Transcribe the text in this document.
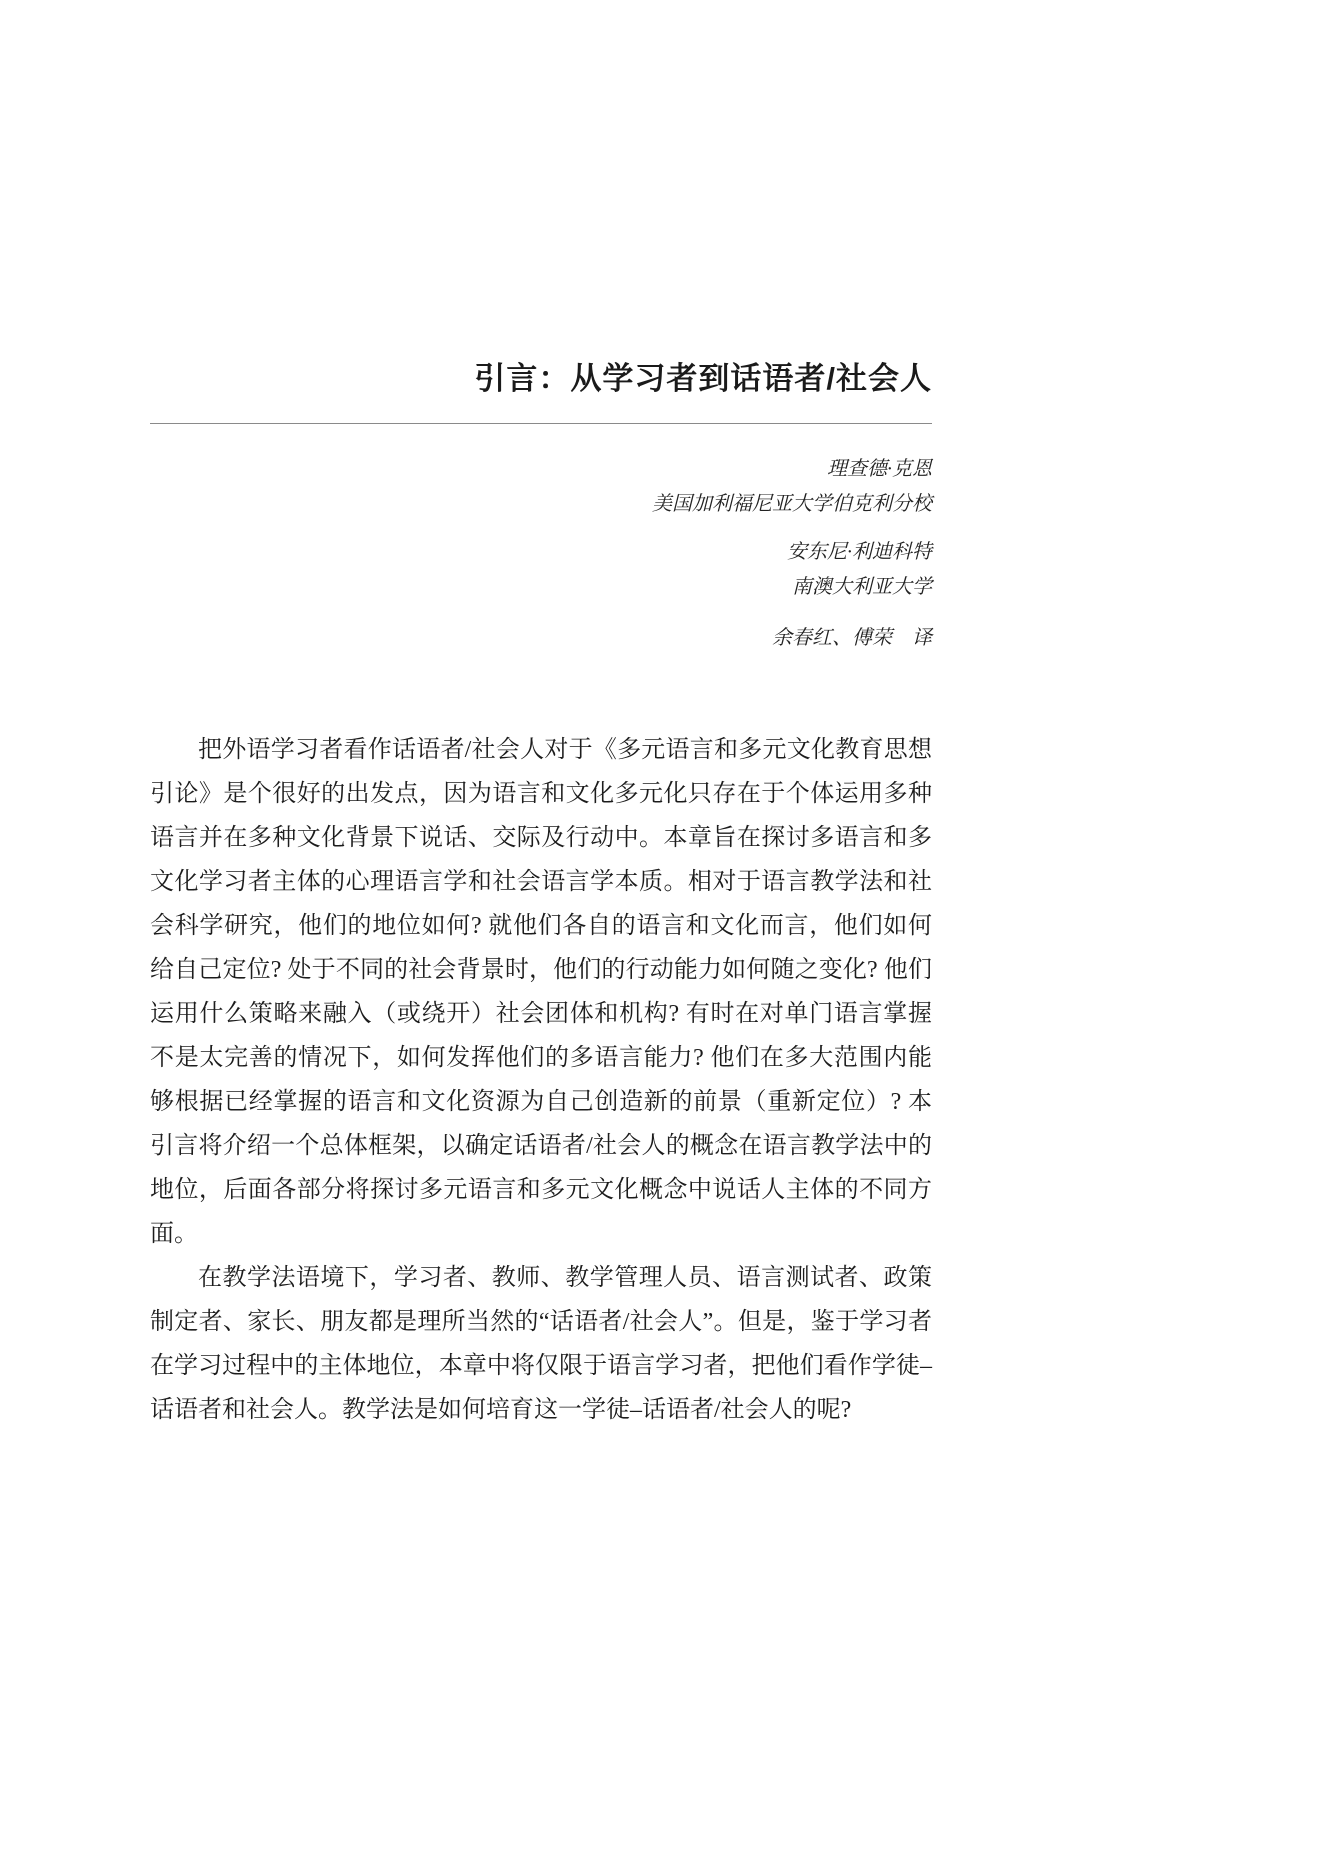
引言：从学习者到话语者/社会人
理查德·克恩
美国加利福尼亚大学伯克利分校
安东尼·利迪科特
南澳大利亚大学
余春红、傅荣　译

把外语学习者看作话语者/社会人对于《多元语言和多元文化教育思想引论》是个很好的出发点，因为语言和文化多元化只存在于个体运用多种语言并在多种文化背景下说话、交际及行动中。本章旨在探讨多语言和多文化学习者主体的心理语言学和社会语言学本质。相对于语言教学法和社会科学研究，他们的地位如何? 就他们各自的语言和文化而言，他们如何给自己定位? 处于不同的社会背景时，他们的行动能力如何随之变化? 他们运用什么策略来融入（或绕开）社会团体和机构? 有时在对单门语言掌握不是太完善的情况下，如何发挥他们的多语言能力? 他们在多大范围内能够根据已经掌握的语言和文化资源为自己创造新的前景（重新定位）? 本引言将介绍一个总体框架，以确定话语者/社会人的概念在语言教学法中的地位，后面各部分将探讨多元语言和多元文化概念中说话人主体的不同方面。

在教学法语境下，学习者、教师、教学管理人员、语言测试者、政策制定者、家长、朋友都是理所当然的“话语者/社会人”。但是，鉴于学习者在学习过程中的主体地位，本章中将仅限于语言学习者，把他们看作学徒–话语者和社会人。教学法是如何培育这一学徒–话语者/社会人的呢?
